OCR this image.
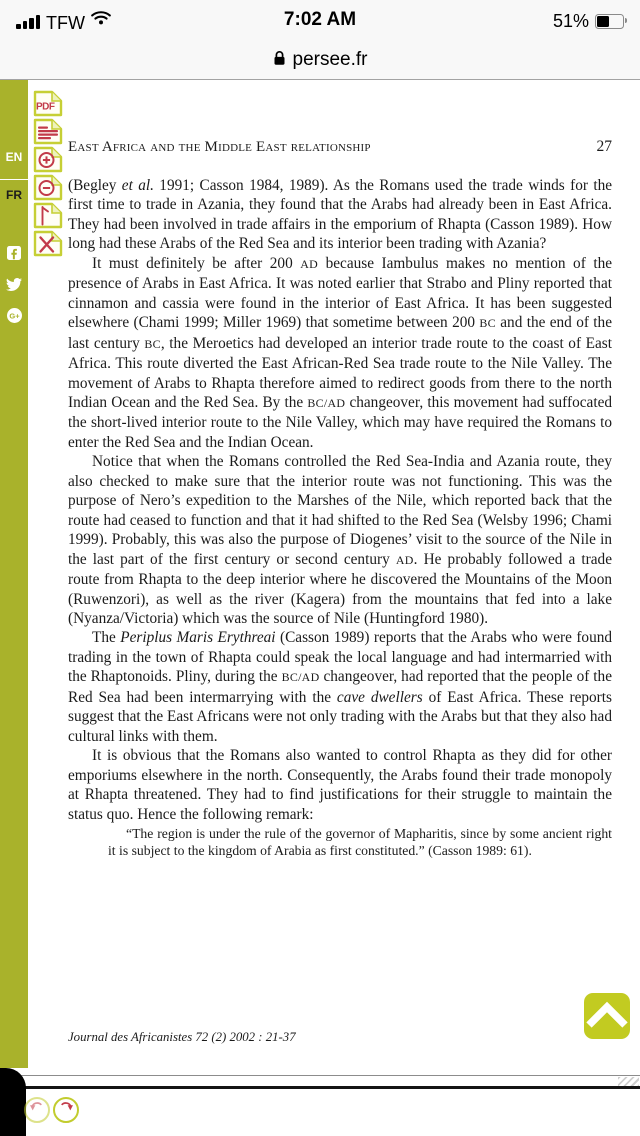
TFW	7:02 AM	51%
persee.fr
EN
FR
G+
PDF
East Africa and the Middle East relationship	27

(Begley et al. 1991; Casson 1984, 1989). As the Romans used the trade winds for the first time to trade in Azania, they found that the Arabs had already been in East Africa. They had been involved in trade affairs in the emporium of Rhapta (Casson 1989). How long had these Arabs of the Red Sea and its interior been trading with Azania?

It must definitely be after 200 AD because Iambulus makes no mention of the presence of Arabs in East Africa. It was noted earlier that Strabo and Pliny reported that cinnamon and cassia were found in the interior of East Africa. It has been suggested elsewhere (Chami 1999; Miller 1969) that sometime between 200 BC and the end of the last century BC, the Meroetics had developed an interior trade route to the coast of East Africa. This route diverted the East African-Red Sea trade route to the Nile Valley. The movement of Arabs to Rhapta therefore aimed to redirect goods from there to the north Indian Ocean and the Red Sea. By the BC/AD changeover, this movement had suffocated the short-lived interior route to the Nile Valley, which may have required the Romans to enter the Red Sea and the Indian Ocean.

Notice that when the Romans controlled the Red Sea-India and Azania route, they also checked to make sure that the interior route was not functioning. This was the purpose of Nero’s expedition to the Marshes of the Nile, which reported back that the route had ceased to function and that it had shifted to the Red Sea (Welsby 1996; Chami 1999). Probably, this was also the purpose of Diogenes’ visit to the source of the Nile in the last part of the first century or second century AD. He probably followed a trade route from Rhapta to the deep interior where he discovered the Mountains of the Moon (Ruwenzori), as well as the river (Kagera) from the mountains that fed into a lake (Nyanza/Victoria) which was the source of Nile (Huntingford 1980).

The Periplus Maris Erythreai (Casson 1989) reports that the Arabs who were found trading in the town of Rhapta could speak the local language and had intermarried with the Rhaptonoids. Pliny, during the BC/AD changeover, had reported that the people of the Red Sea had been intermarrying with the cave dwellers of East Africa. These reports suggest that the East Africans were not only trading with the Arabs but that they also had cultural links with them.

It is obvious that the Romans also wanted to control Rhapta as they did for other emporiums elsewhere in the north. Consequently, the Arabs found their trade monopoly at Rhapta threatened. They had to find justifications for their struggle to maintain the status quo. Hence the following remark:

“The region is under the rule of the governor of Mapharitis, since by some ancient right it is subject to the kingdom of Arabia as first constituted.” (Casson 1989: 61).
Journal des Africanistes 72 (2) 2002 : 21-37
